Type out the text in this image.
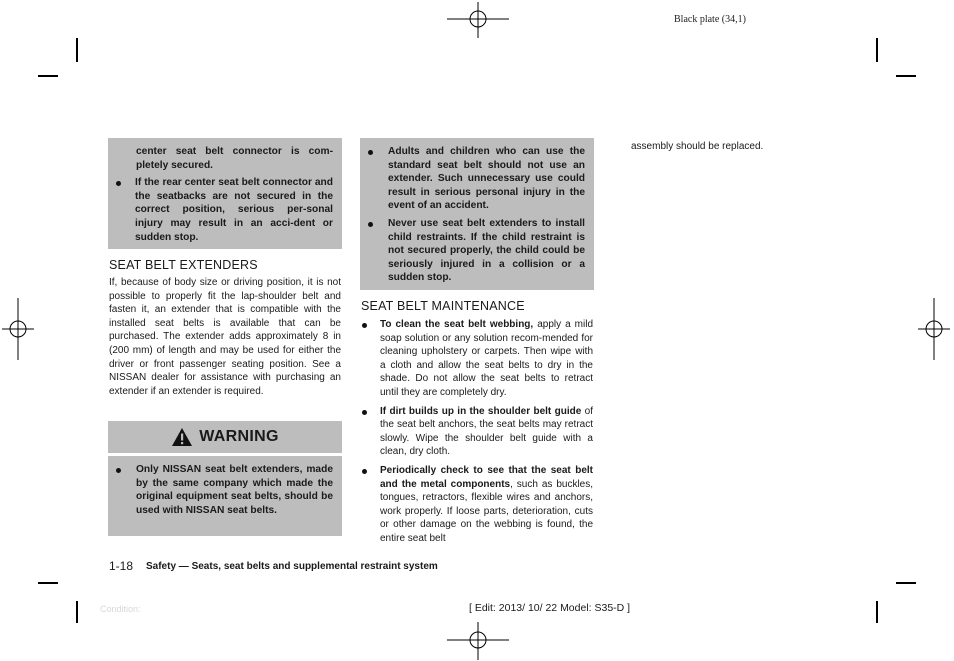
Black plate (34,1)
center seat belt connector is com-pletely secured.
If the rear center seat belt connector and the seatbacks are not secured in the correct position, serious per-sonal injury may result in an acci-dent or sudden stop.
SEAT BELT EXTENDERS
If, because of body size or driving position, it is not possible to properly fit the lap-shoulder belt and fasten it, an extender that is compatible with the installed seat belts is available that can be purchased. The extender adds approximately 8 in (200 mm) of length and may be used for either the driver or front passenger seating position. See a NISSAN dealer for assistance with purchasing an extender if an extender is required.
WARNING
Only NISSAN seat belt extenders, made by the same company which made the original equipment seat belts, should be used with NISSAN seat belts.
Adults and children who can use the standard seat belt should not use an extender. Such unnecessary use could result in serious personal injury in the event of an accident.
Never use seat belt extenders to install child restraints. If the child restraint is not secured properly, the child could be seriously injured in a collision or a sudden stop.
SEAT BELT MAINTENANCE
To clean the seat belt webbing, apply a mild soap solution or any solution recom-mended for cleaning upholstery or carpets. Then wipe with a cloth and allow the seat belts to dry in the shade. Do not allow the seat belts to retract until they are completely dry.
If dirt builds up in the shoulder belt guide of the seat belt anchors, the seat belts may retract slowly. Wipe the shoulder belt guide with a clean, dry cloth.
Periodically check to see that the seat belt and the metal components, such as buckles, tongues, retractors, flexible wires and anchors, work properly. If loose parts, deterioration, cuts or other damage on the webbing is found, the entire seat belt
assembly should be replaced.
1-18 Safety — Seats, seat belts and supplemental restraint system
Condition:	[ Edit: 2013/ 10/ 22 Model: S35-D ]
